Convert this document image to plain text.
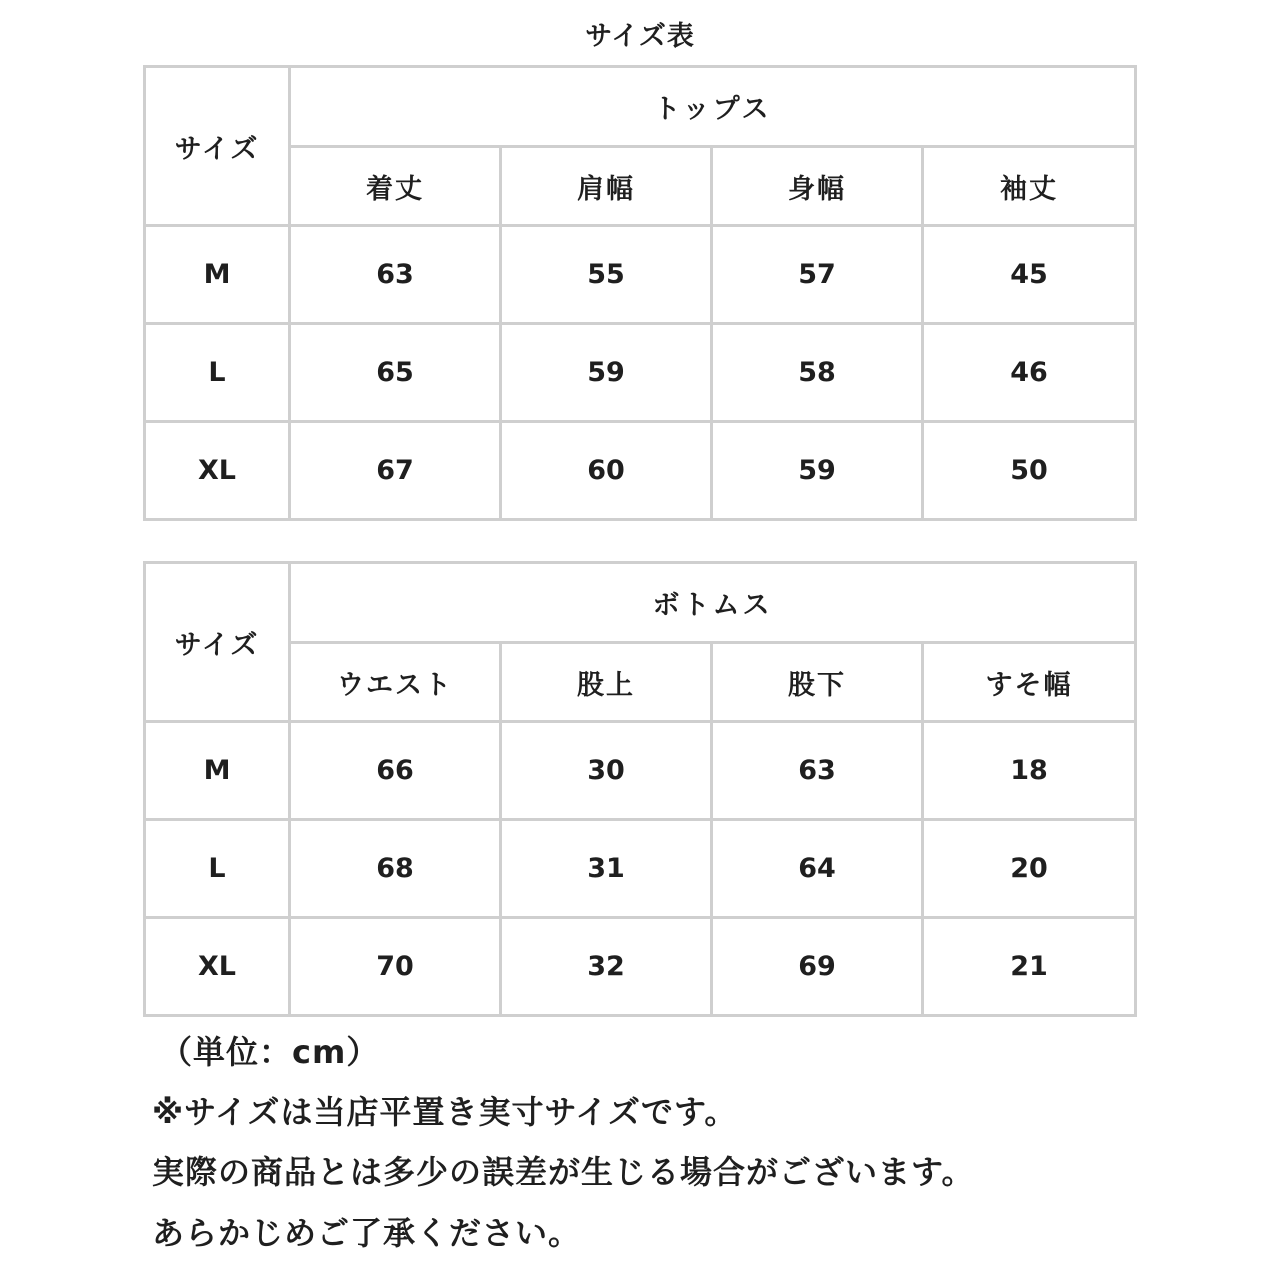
サイズ表
サイズ	トップス			
	着丈	肩幅	身幅	袖丈
M	63	55	57	45
L	65	59	58	46
XL	67	60	59	50
サイズ	ボトムス			
	ウエスト	股上	股下	すそ幅
M	66	30	63	18
L	68	31	64	20
XL	70	32	69	21
（単位：cm）
※サイズは当店平置き実寸サイズです。
実際の商品とは多少の誤差が生じる場合がございます。
あらかじめご了承ください。
